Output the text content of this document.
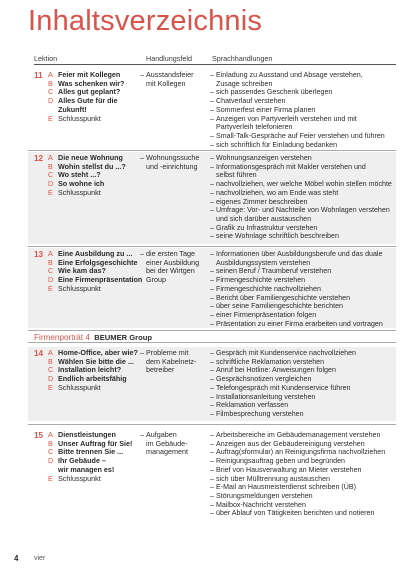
Inhaltsverzeichnis
Lektion	Handlungsfeld	Sprachhandlungen
11 A Feier mit Kollegen
B Was schenken wir?
C Alles gut geplant?
D Alles Gute für die
Zukunft!
E Schlusspunkt
– Ausstandsfeier
mit Kollegen
– Einladung zu Ausstand und Absage verstehen,
Zusage schreiben
– sich passendes Geschenk überlegen
– Chatverlauf verstehen
– Sommerfest einer Firma planen
– Anzeigen von Partyverleih verstehen und mit
Partyverleih telefonieren
– Small-Talk-Gespräche auf Feier verstehen und führen
– sich schriftlich für Einladung bedanken
12 A Die neue Wohnung
B Wohin stellst du ...?
C Wo steht ...?
D So wohne ich
E Schlusspunkt
– Wohnungssuche
und -einrichtung
– Wohnungsanzeigen verstehen
– Informationsgespräch mit Makler verstehen und
selbst führen
– nachvollziehen, wer welche Möbel wohin stellen möchte
– nachvollziehen, wo am Ende was steht
– eigenes Zimmer beschreiben
– Umfrage: Vor- und Nachteile von Wohnlagen verstehen
und sich darüber austauschen
– Grafik zu Infrastruktur verstehen
– seine Wohnlage schriftlich beschreiben
13 A Eine Ausbildung zu ...
B Eine Erfolgsgeschichte
C Wie kam das?
D Eine Firmenpräsentation
E Schlusspunkt
– die ersten Tage
einer Ausbildung
bei der Wirtgen
Group
– Informationen über Ausbildungsberufe und das duale
Ausbildungssystem verstehen
– seinen Beruf / Traumberuf verstehen
– Firmengeschichte verstehen
– Firmengeschichte nachvollziehen
– Bericht über Familiengeschichte verstehen
– über seine Familiengeschichte berichten
– einer Firmenpräsentation folgen
– Präsentation zu einer Firma erarbeiten und vortragen
14 A Home-Office, aber wie?
B Wählen Sie bitte die ...
C Installation leicht?
D Endlich arbeitsfähig
E Schlusspunkt
– Probleme mit
dem Kabelnetz-
betreiber
– Gespräch mit Kundenservice nachvollziehen
– schriftliche Reklamation verstehen
– Anruf bei Hotline: Anweisungen folgen
– Gesprächsnotizen vergleichen
– Telefongespräch mit Kundenservice führen
– Installationsanleitung verstehen
– Reklamation verfassen
– Filmbesprechung verstehen
15 A Dienstleistungen
B Unser Auftrag für Sie!
C Bitte trennen Sie ...
D Ihr Gebäude –
wir managen es!
E Schlusspunkt
– Aufgaben
im Gebäude-
management
– Arbeitsbereiche im Gebäudemanagement verstehen
– Anzeigen aus der Gebäudereinigung verstehen
– Auftrag(sformular) an Reinigungsfirma nachvollziehen
– Reinigungsauftrag geben und begründen
– Brief von Hausverwaltung an Mieter verstehen
– sich über Mülltrennung austauschen
– E-Mail an Hausmeisterdienst schreiben (ÜB)
– Störungsmeldungen verstehen
– Mailbox-Nachricht verstehen
– über Ablauf von Tätigkeiten berichten und notieren
Firmenporträt 4 BEUMER Group
4 vier
